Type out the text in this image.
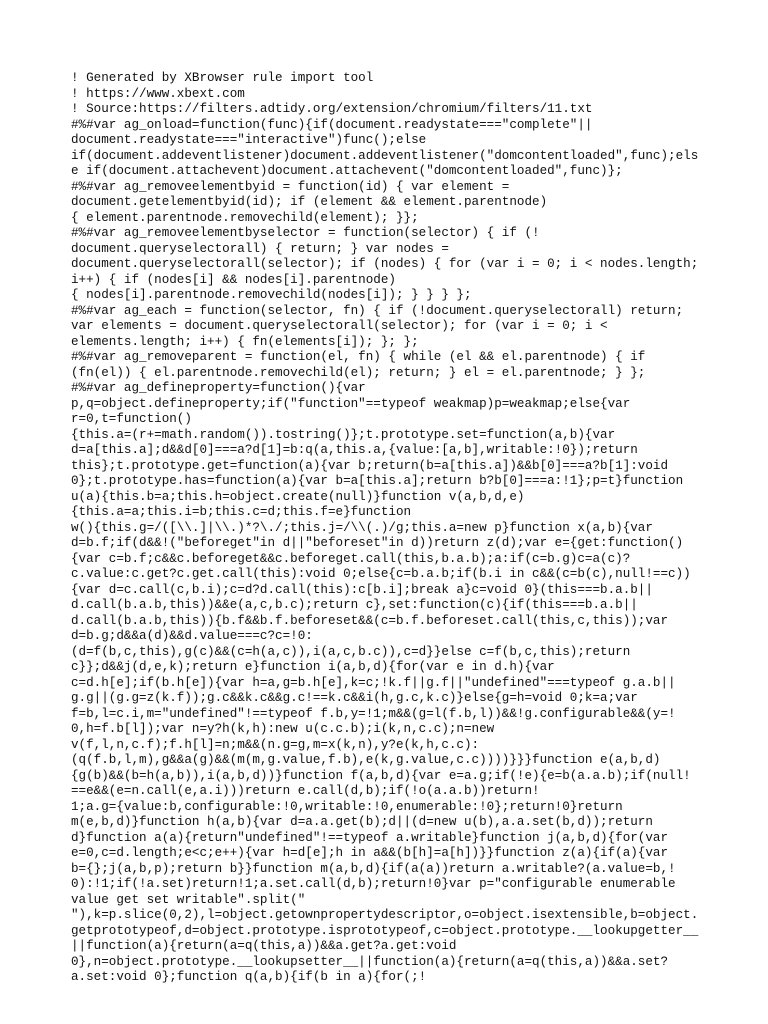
! Generated by XBrowser rule import tool
! https://www.xbext.com
! Source:https://filters.adtidy.org/extension/chromium/filters/11.txt
#%#var ag_onload=function(func){if(document.readystate==="complete"||
document.readystate==="interactive")func();else
if(document.addeventlistener)document.addeventlistener("domcontentloaded",func);els
e if(document.attachevent)document.attachevent("domcontentloaded",func)};
#%#var ag_removeelementbyid = function(id) { var element =
document.getelementbyid(id); if (element && element.parentnode)
{ element.parentnode.removechild(element); }};
#%#var ag_removeelementbyselector = function(selector) { if (!
document.queryselectorall) { return; } var nodes =
document.queryselectorall(selector); if (nodes) { for (var i = 0; i < nodes.length;
i++) { if (nodes[i] && nodes[i].parentnode)
{ nodes[i].parentnode.removechild(nodes[i]); } } } };
#%#var ag_each = function(selector, fn) { if (!document.queryselectorall) return;
var elements = document.queryselectorall(selector); for (var i = 0; i <
elements.length; i++) { fn(elements[i]); }; };
#%#var ag_removeparent = function(el, fn) { while (el && el.parentnode) { if
(fn(el)) { el.parentnode.removechild(el); return; } el = el.parentnode; } };
#%#var ag_defineproperty=function(){var
p,q=object.defineproperty;if("function"==typeof weakmap)p=weakmap;else{var
r=0,t=function()
{this.a=(r+=math.random()).tostring()};t.prototype.set=function(a,b){var
d=a[this.a];d&&d[0]===a?d[1]=b:q(a,this.a,{value:[a,b],writable:!0});return
this};t.prototype.get=function(a){var b;return(b=a[this.a])&&b[0]===a?b[1]:void
0};t.prototype.has=function(a){var b=a[this.a];return b?b[0]===a:!1};p=t}function
u(a){this.b=a;this.h=object.create(null)}function v(a,b,d,e)
{this.a=a;this.i=b;this.c=d;this.f=e}function
w(){this.g=/([\\.]|\\.)*?\./;this.j=/\\(.)/g;this.a=new p}function x(a,b){var
d=b.f;if(d&&!("beforeget"in d||"beforeset"in d))return z(d);var e={get:function()
{var c=b.f;c&&c.beforeget&&c.beforeget.call(this,b.a.b);a:if(c=b.g)c=a(c)?
c.value:c.get?c.get.call(this):void 0;else{c=b.a.b;if(b.i in c&&(c=b(c),null!==c))
{var d=c.call(c,b.i);c=d?d.call(this):c[b.i];break a}c=void 0}(this===b.a.b||
d.call(b.a.b,this))&&e(a,c,b.c);return c},set:function(c){if(this===b.a.b||
d.call(b.a.b,this)){b.f&&b.f.beforeset&&(c=b.f.beforeset.call(this,c,this));var
d=b.g;d&&a(d)&&d.value===c?c=!0:
(d=f(b,c,this),g(c)&&(c=h(a,c)),i(a,c,b.c)),c=d}}else c=f(b,c,this);return
c}};d&&j(d,e,k);return e}function i(a,b,d){for(var e in d.h){var
c=d.h[e];if(b.h[e]){var h=a,g=b.h[e],k=c;!k.f||g.f||"undefined"===typeof g.a.b||
g.g||(g.g=z(k.f));g.c&&k.c&&g.c!==k.c&&i(h,g.c,k.c)}else{g=h=void 0;k=a;var
f=b,l=c.i,m="undefined"!==typeof f.b,y=!1;m&&(g=l(f.b,l))&&!g.configurable&&(y=!
0,h=f.b[l]);var n=y?h(k,h):new u(c.c.b);i(k,n,c.c);n=new
v(f,l,n,c.f);f.h[l]=n;m&&(n.g=g,m=x(k,n),y?e(k,h,c.c):
(q(f.b,l,m),g&&a(g)&&(m(m,g.value,f.b),e(k,g.value,c.c))))}}}function e(a,b,d)
{g(b)&&(b=h(a,b)),i(a,b,d))}function f(a,b,d){var e=a.g;if(!e){e=b(a.a.b);if(null!
==e&&(e=n.call(e,a.i)))return e.call(d,b);if(!o(a.a.b))return!
1;a.g={value:b,configurable:!0,writable:!0,enumerable:!0};return!0}return
m(e,b,d)}function h(a,b){var d=a.a.get(b);d||(d=new u(b),a.a.set(b,d));return
d}function a(a){return"undefined"!==typeof a.writable}function j(a,b,d){for(var
e=0,c=d.length;e<c;e++){var h=d[e];h in a&&(b[h]=a[h])}}function z(a){if(a){var
b={};j(a,b,p);return b}}function m(a,b,d){if(a(a))return a.writable?(a.value=b,!
0):!1;if(!a.set)return!1;a.set.call(d,b);return!0}var p="configurable enumerable
value get set writable".split("
"),k=p.slice(0,2),l=object.getownpropertydescriptor,o=object.isextensible,b=object.
getprototypeof,d=object.prototype.isprototypeof,c=object.prototype.__lookupgetter__
||function(a){return(a=q(this,a))&&a.get?a.get:void
0},n=object.prototype.__lookupsetter__||function(a){return(a=q(this,a))&&a.set?
a.set:void 0};function q(a,b){if(b in a){for(;!
